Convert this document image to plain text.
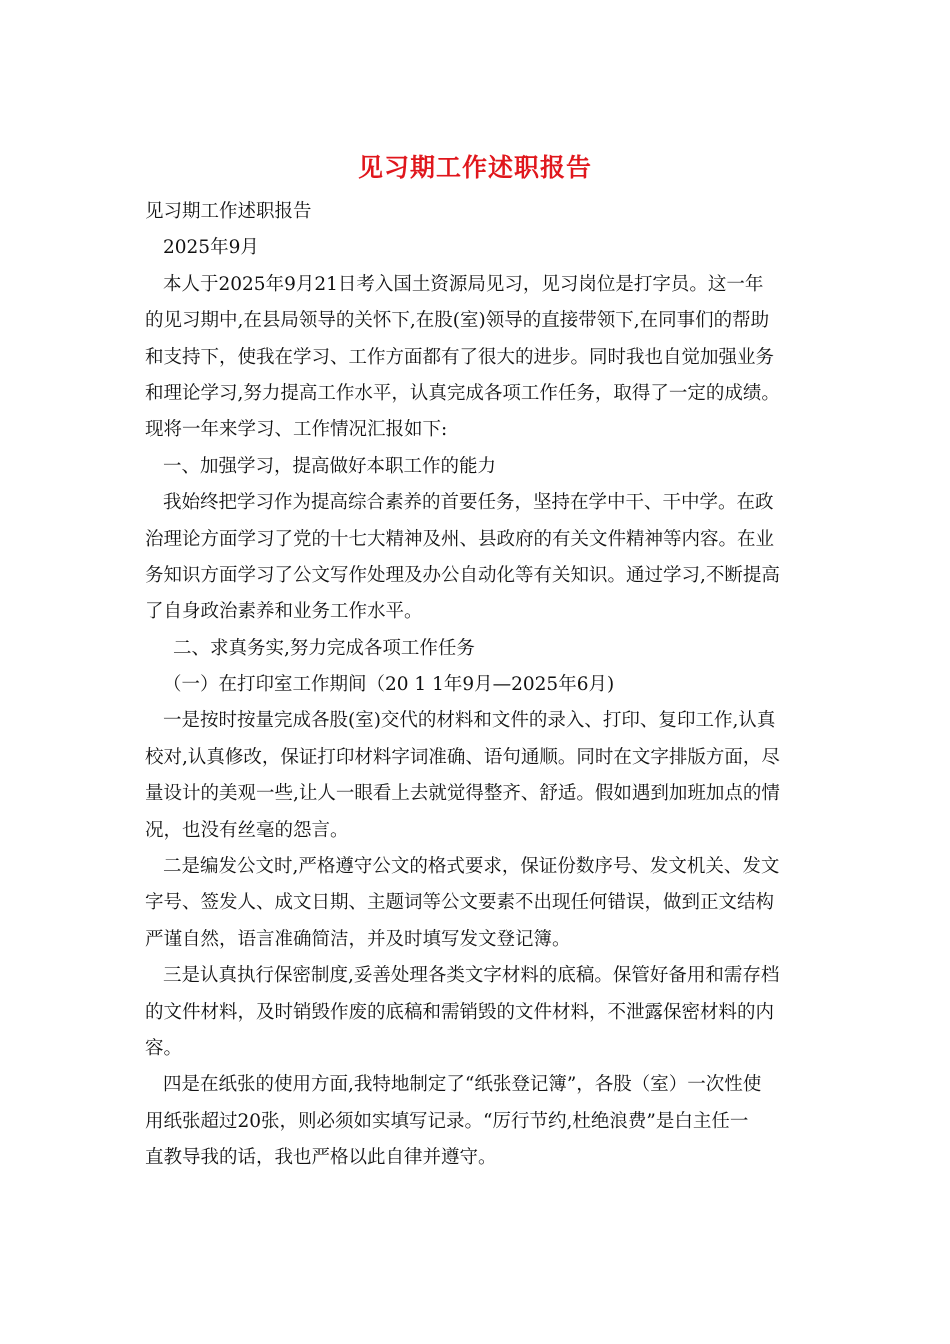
见习期工作述职报告
见习期工作述职报告
2025年9月
本人于2025年9月21日考入国土资源局见习，见习岗位是打字员。这一年
的见习期中,在县局领导的关怀下,在股(室)领导的直接带领下,在同事们的帮助
和支持下，使我在学习、工作方面都有了很大的进步。同时我也自觉加强业务
和理论学习,努力提高工作水平，认真完成各项工作任务，取得了一定的成绩。
现将一年来学习、工作情况汇报如下:
一、加强学习，提高做好本职工作的能力
我始终把学习作为提高综合素养的首要任务，坚持在学中干、干中学。在政
治理论方面学习了党的十七大精神及州、县政府的有关文件精神等内容。在业
务知识方面学习了公文写作处理及办公自动化等有关知识。通过学习,不断提高
了自身政治素养和业务工作水平。
二、求真务实,努力完成各项工作任务
（一）在打印室工作期间（20 1 1年9月—2025年6月)
一是按时按量完成各股(室)交代的材料和文件的录入、打印、复印工作,认真
校对,认真修改，保证打印材料字词准确、语句通顺。同时在文字排版方面，尽
量设计的美观一些,让人一眼看上去就觉得整齐、舒适。假如遇到加班加点的情
况，也没有丝毫的怨言。
二是编发公文时,严格遵守公文的格式要求，保证份数序号、发文机关、发文
字号、签发人、成文日期、主题词等公文要素不出现任何错误，做到正文结构
严谨自然，语言准确简洁，并及时填写发文登记簿。
三是认真执行保密制度,妥善处理各类文字材料的底稿。保管好备用和需存档
的文件材料，及时销毁作废的底稿和需销毁的文件材料，不泄露保密材料的内
容。
四是在纸张的使用方面,我特地制定了“纸张登记簿”，各股（室）一次性使
用纸张超过20张，则必须如实填写记录。“厉行节约,杜绝浪费”是白主任一
直教导我的话，我也严格以此自律并遵守。
